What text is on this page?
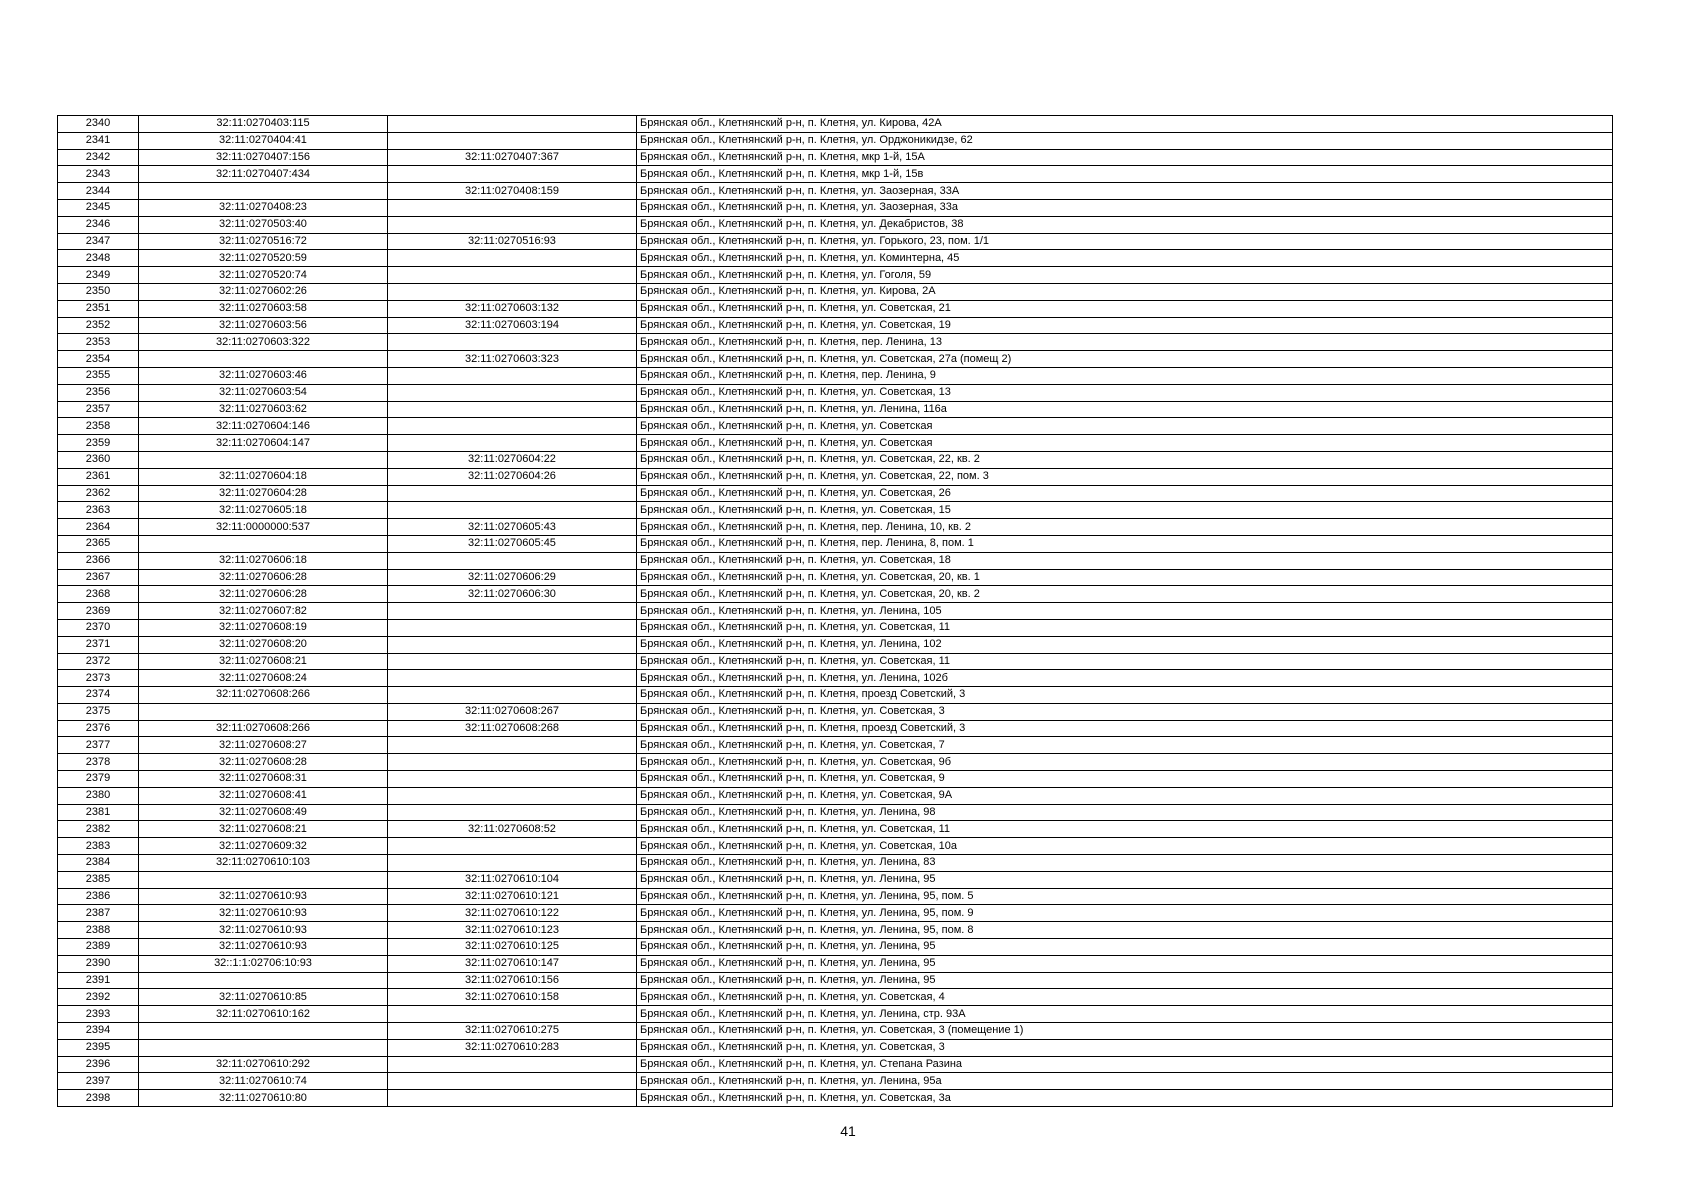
2340	32:11:0270403:115		Брянская обл., Клетнянский р-н, п. Клетня, ул. Кирова, 42А
2341	32:11:0270404:41		Брянская обл., Клетнянский р-н, п. Клетня, ул. Орджоникидзе, 62
2342	32:11:0270407:156	32:11:0270407:367	Брянская обл., Клетнянский р-н, п. Клетня, мкр 1-й, 15А
2343	32:11:0270407:434		Брянская обл., Клетнянский р-н, п. Клетня, мкр 1-й, 15в
2344		32:11:0270408:159	Брянская обл., Клетнянский р-н, п. Клетня, ул. Заозерная, 33А
2345	32:11:0270408:23		Брянская обл., Клетнянский р-н, п. Клетня, ул. Заозерная, 33а
2346	32:11:0270503:40		Брянская обл., Клетнянский р-н, п. Клетня, ул. Декабристов, 38
2347	32:11:0270516:72	32:11:0270516:93	Брянская обл., Клетнянский р-н, п. Клетня, ул. Горького, 23, пом. 1/1
2348	32:11:0270520:59		Брянская обл., Клетнянский р-н, п. Клетня, ул. Коминтерна, 45
2349	32:11:0270520:74		Брянская обл., Клетнянский р-н, п. Клетня, ул. Гоголя, 59
2350	32:11:0270602:26		Брянская обл., Клетнянский р-н, п. Клетня, ул. Кирова, 2А
2351	32:11:0270603:58	32:11:0270603:132	Брянская обл., Клетнянский р-н, п. Клетня, ул. Советская, 21
2352	32:11:0270603:56	32:11:0270603:194	Брянская обл., Клетнянский р-н, п. Клетня, ул. Советская, 19
2353	32:11:0270603:322		Брянская обл., Клетнянский р-н, п. Клетня, пер. Ленина, 13
2354		32:11:0270603:323	Брянская обл., Клетнянский р-н, п. Клетня, ул. Советская, 27а (помещ 2)
2355	32:11:0270603:46		Брянская обл., Клетнянский р-н, п. Клетня, пер. Ленина, 9
2356	32:11:0270603:54		Брянская обл., Клетнянский р-н, п. Клетня, ул. Советская, 13
2357	32:11:0270603:62		Брянская обл., Клетнянский р-н, п. Клетня, ул. Ленина, 116а
2358	32:11:0270604:146		Брянская обл., Клетнянский р-н, п. Клетня, ул. Советская
2359	32:11:0270604:147		Брянская обл., Клетнянский р-н, п. Клетня, ул. Советская
2360		32:11:0270604:22	Брянская обл., Клетнянский р-н, п. Клетня, ул. Советская, 22, кв. 2
2361	32:11:0270604:18	32:11:0270604:26	Брянская обл., Клетнянский р-н, п. Клетня, ул. Советская, 22, пом. 3
2362	32:11:0270604:28		Брянская обл., Клетнянский р-н, п. Клетня, ул. Советская, 26
2363	32:11:0270605:18		Брянская обл., Клетнянский р-н, п. Клетня, ул. Советская, 15
2364	32:11:0000000:537	32:11:0270605:43	Брянская обл., Клетнянский р-н, п. Клетня, пер. Ленина, 10, кв. 2
2365		32:11:0270605:45	Брянская обл., Клетнянский р-н, п. Клетня, пер. Ленина, 8, пом. 1
2366	32:11:0270606:18		Брянская обл., Клетнянский р-н, п. Клетня, ул. Советская, 18
2367	32:11:0270606:28	32:11:0270606:29	Брянская обл., Клетнянский р-н, п. Клетня, ул. Советская, 20, кв. 1
2368	32:11:0270606:28	32:11:0270606:30	Брянская обл., Клетнянский р-н, п. Клетня, ул. Советская, 20, кв. 2
2369	32:11:0270607:82		Брянская обл., Клетнянский р-н, п. Клетня, ул. Ленина, 105
2370	32:11:0270608:19		Брянская обл., Клетнянский р-н, п. Клетня, ул. Советская, 11
2371	32:11:0270608:20		Брянская обл., Клетнянский р-н, п. Клетня, ул. Ленина, 102
2372	32:11:0270608:21		Брянская обл., Клетнянский р-н, п. Клетня, ул. Советская, 11
2373	32:11:0270608:24		Брянская обл., Клетнянский р-н, п. Клетня, ул. Ленина, 102б
2374	32:11:0270608:266		Брянская обл., Клетнянский р-н, п. Клетня, проезд Советский, 3
2375		32:11:0270608:267	Брянская обл., Клетнянский р-н, п. Клетня, ул. Советская, 3
2376	32:11:0270608:266	32:11:0270608:268	Брянская обл., Клетнянский р-н, п. Клетня, проезд Советский, 3
2377	32:11:0270608:27		Брянская обл., Клетнянский р-н, п. Клетня, ул. Советская, 7
2378	32:11:0270608:28		Брянская обл., Клетнянский р-н, п. Клетня, ул. Советская, 9б
2379	32:11:0270608:31		Брянская обл., Клетнянский р-н, п. Клетня, ул. Советская, 9
2380	32:11:0270608:41		Брянская обл., Клетнянский р-н, п. Клетня, ул. Советская, 9А
2381	32:11:0270608:49		Брянская обл., Клетнянский р-н, п. Клетня, ул. Ленина, 98
2382	32:11:0270608:21	32:11:0270608:52	Брянская обл., Клетнянский р-н, п. Клетня, ул. Советская, 11
2383	32:11:0270609:32		Брянская обл., Клетнянский р-н, п. Клетня, ул. Советская, 10а
2384	32:11:0270610:103		Брянская обл., Клетнянский р-н, п. Клетня, ул. Ленина, 83
2385		32:11:0270610:104	Брянская обл., Клетнянский р-н, п. Клетня, ул. Ленина, 95
2386	32:11:0270610:93	32:11:0270610:121	Брянская обл., Клетнянский р-н, п. Клетня, ул. Ленина, 95, пом. 5
2387	32:11:0270610:93	32:11:0270610:122	Брянская обл., Клетнянский р-н, п. Клетня, ул. Ленина, 95, пом. 9
2388	32:11:0270610:93	32:11:0270610:123	Брянская обл., Клетнянский р-н, п. Клетня, ул. Ленина, 95, пом. 8
2389	32:11:0270610:93	32:11:0270610:125	Брянская обл., Клетнянский р-н, п. Клетня, ул. Ленина, 95
2390	32::1:1:02706:10:93	32:11:0270610:147	Брянская обл., Клетнянский р-н, п. Клетня, ул. Ленина, 95
2391		32:11:0270610:156	Брянская обл., Клетнянский р-н, п. Клетня, ул. Ленина, 95
2392	32:11:0270610:85	32:11:0270610:158	Брянская обл., Клетнянский р-н, п. Клетня, ул. Советская, 4
2393	32:11:0270610:162		Брянская обл., Клетнянский р-н, п. Клетня, ул. Ленина, стр. 93А
2394		32:11:0270610:275	Брянская обл., Клетнянский р-н, п. Клетня, ул. Советская, 3 (помещение 1)
2395		32:11:0270610:283	Брянская обл., Клетнянский р-н, п. Клетня, ул. Советская, 3
2396	32:11:0270610:292		Брянская обл., Клетнянский р-н, п. Клетня, ул. Степана Разина
2397	32:11:0270610:74		Брянская обл., Клетнянский р-н, п. Клетня, ул. Ленина, 95а
2398	32:11:0270610:80		Брянская обл., Клетнянский р-н, п. Клетня, ул. Советская, 3а
41
